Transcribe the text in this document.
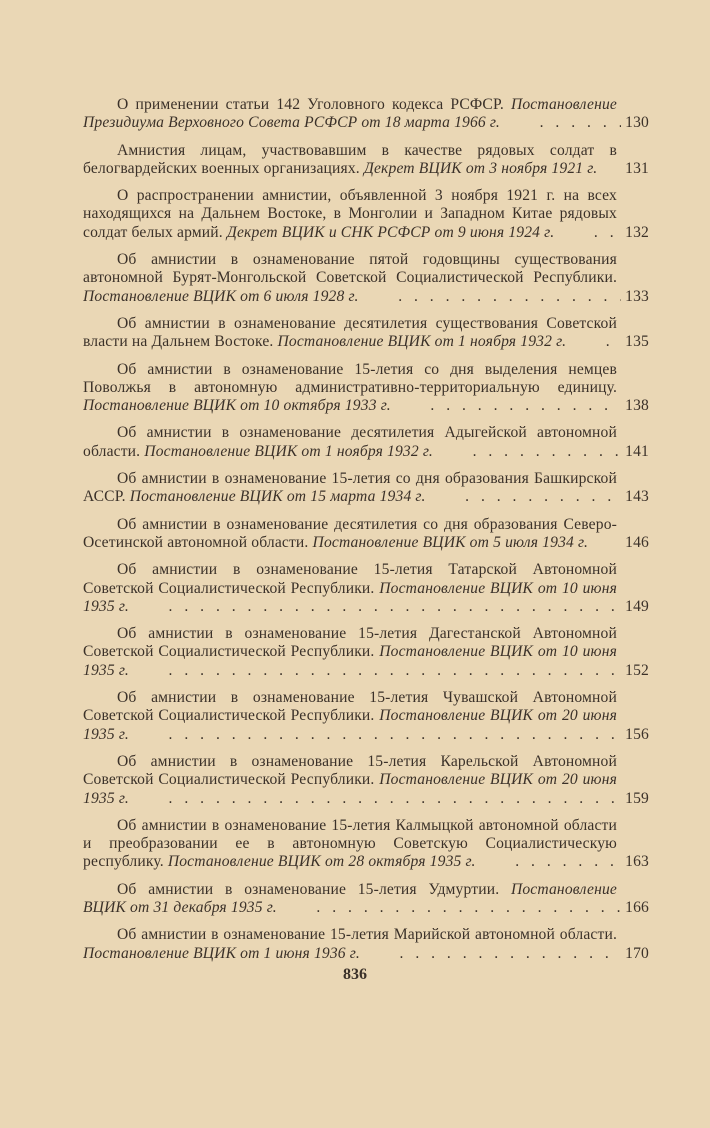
О применении статьи 142 Уголовного кодекса РСФСР. Постановление Президиума Верховного Совета РСФСР от 18 марта 1966 г. . . .	130
Амнистия лицам, участвовавшим в качестве рядовых солдат в белогвардейских военных организациях. Декрет ВЦИК от 3 ноября 1921 г. . . . 131
О распространении амнистии, объявленной 3 ноября 1921 г. на всех находящихся на Дальнем Востоке, в Монголии и Западном Китае рядовых солдат белых армий. Декрет ВЦИК и СНК РСФСР от 9 июня 1924 г. . . .	132
Об амнистии в ознаменование пятой годовщины существования автономной Бурят-Монгольской Советской Социалистической Республики. Постановление ВЦИК от 6 июля 1928 г. . . .	133
Об амнистии в ознаменование десятилетия существования Советской власти на Дальнем Востоке. Постановление ВЦИК от 1 ноября 1932 г. . . .	135
Об амнистии в ознаменование 15-летия со дня выделения немцев Поволжья в автономную административно-территориальную единицу. Постановление ВЦИК от 10 октября 1933 г. . . .	138
Об амнистии в ознаменование десятилетия Адыгейской автономной области. Постановление ВЦИК от 1 ноября 1932 г. . . .	141
Об амнистии в ознаменование 15-летия со дня образования Башкирской АССР. Постановление ВЦИК от 15 марта 1934 г. . . .	143
Об амнистии в ознаменование десятилетия со дня образования Северо-Осетинской автономной области. Постановление ВЦИК от 5 июля 1934 г. . . . 146
Об амнистии в ознаменование 15-летия Татарской Автономной Советской Социалистической Республики. Постановление ВЦИК от 10 июня 1935 г. . . .	149
Об амнистии в ознаменование 15-летия Дагестанской Автономной Советской Социалистической Республики. Постановление ВЦИК от 10 июня 1935 г. . . .	152
Об амнистии в ознаменование 15-летия Чувашской Автономной Советской Социалистической Республики. Постановление ВЦИК от 20 июня 1935 г. . . .	156
Об амнистии в ознаменование 15-летия Карельской Автономной Советской Социалистической Республики. Постановление ВЦИК от 20 июня 1935 г. . . .	159
Об амнистии в ознаменование 15-летия Калмыцкой автономной области и преобразовании ее в автономную Советскую Социалистическую республику. Постановление ВЦИК от 28 октября 1935 г. . . .	163
Об амнистии в ознаменование 15-летия Удмуртии. Постановление ВЦИК от 31 декабря 1935 г. . . .	166
Об амнистии в ознаменование 15-летия Марийской автономной области. Постановление ВЦИК от 1 июня 1936 г. . . .	170
836
